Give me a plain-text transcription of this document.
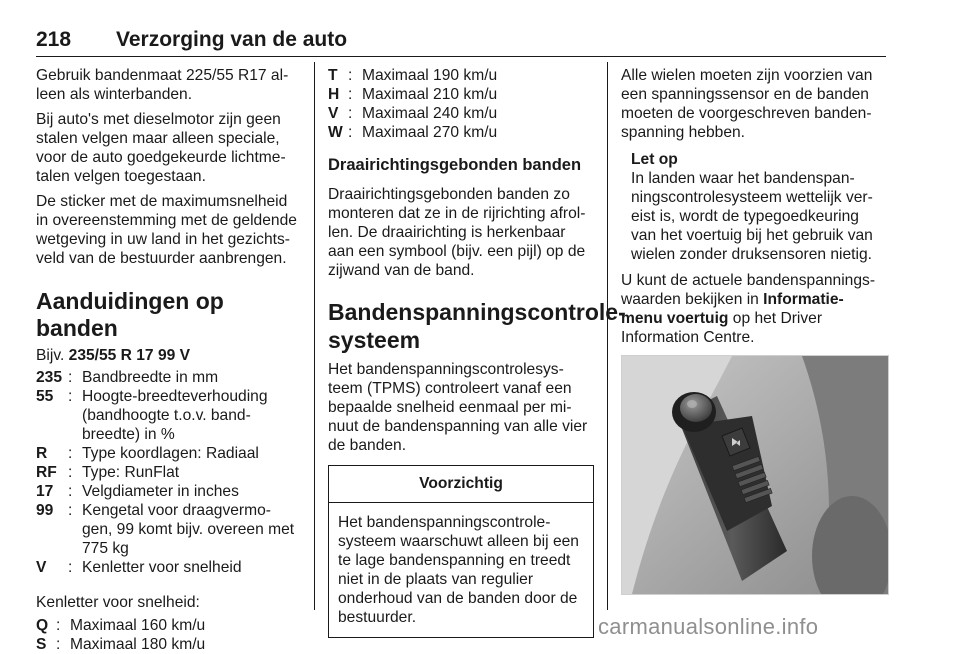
218 Verzorging van de auto

Gebruik bandenmaat 225/55 R17 al-leen als winterbanden.

Bij auto's met dieselmotor zijn geen stalen velgen maar alleen speciale, voor de auto goedgekeurde lichtme-talen velgen toegestaan.

De sticker met de maximumsnelheid in overeenstemming met de geldende wetgeving in uw land in het gezichts-veld van de bestuurder aanbrengen.

Aanduidingen op banden

Bijv. 235/55 R 17 99 V

235 : Bandbreedte in mm
55 : Hoogte-breedteverhouding (bandhoogte t.o.v. band-breedte) in %
R	: Type koordlagen: Radiaal
RF : Type: RunFlat
17 : Velgdiameter in inches
99 : Kengetal voor draagvermo-gen, 99 komt bijv. overeen met 775 kg
V	: Kenletter voor snelheid

Kenletter voor snelheid:

Q : Maximaal 160 km/u
S : Maximaal 180 km/u
T : Maximaal 190 km/u
H : Maximaal 210 km/u
V : Maximaal 240 km/u
W : Maximaal 270 km/u
Draairichtingsgebonden banden

Draairichtingsgebonden banden zo monteren dat ze in de rijrichting afrol-len. De draairichting is herkenbaar aan een symbool (bijv. een pijl) op de zijwand van de band.

Bandenspanningscontrole-systeem

Het bandenspanningscontrolesys-teem (TPMS) controleert vanaf een bepaalde snelheid eenmaal per mi-nuut de bandenspanning van alle vier de banden.

Voorzichtig
Het bandenspanningscontrole-systeem waarschuwt alleen bij een te lage bandenspanning en treedt niet in de plaats van regulier onderhoud van de banden door de bestuurder.

Alle wielen moeten zijn voorzien van een spanningssensor en de banden moeten de voorgeschreven banden-spanning hebben.

Let op
In landen waar het bandenspan-ningscontrolesysteem wettelijk ver-eist is, wordt de typegoedkeuring van het voertuig bij het gebruik van wielen zonder druksensoren nietig.

U kunt de actuele bandenspannings-waarden bekijken in Informatie- menu voertuig op het Driver Information Centre.

carmanualsonline.info
